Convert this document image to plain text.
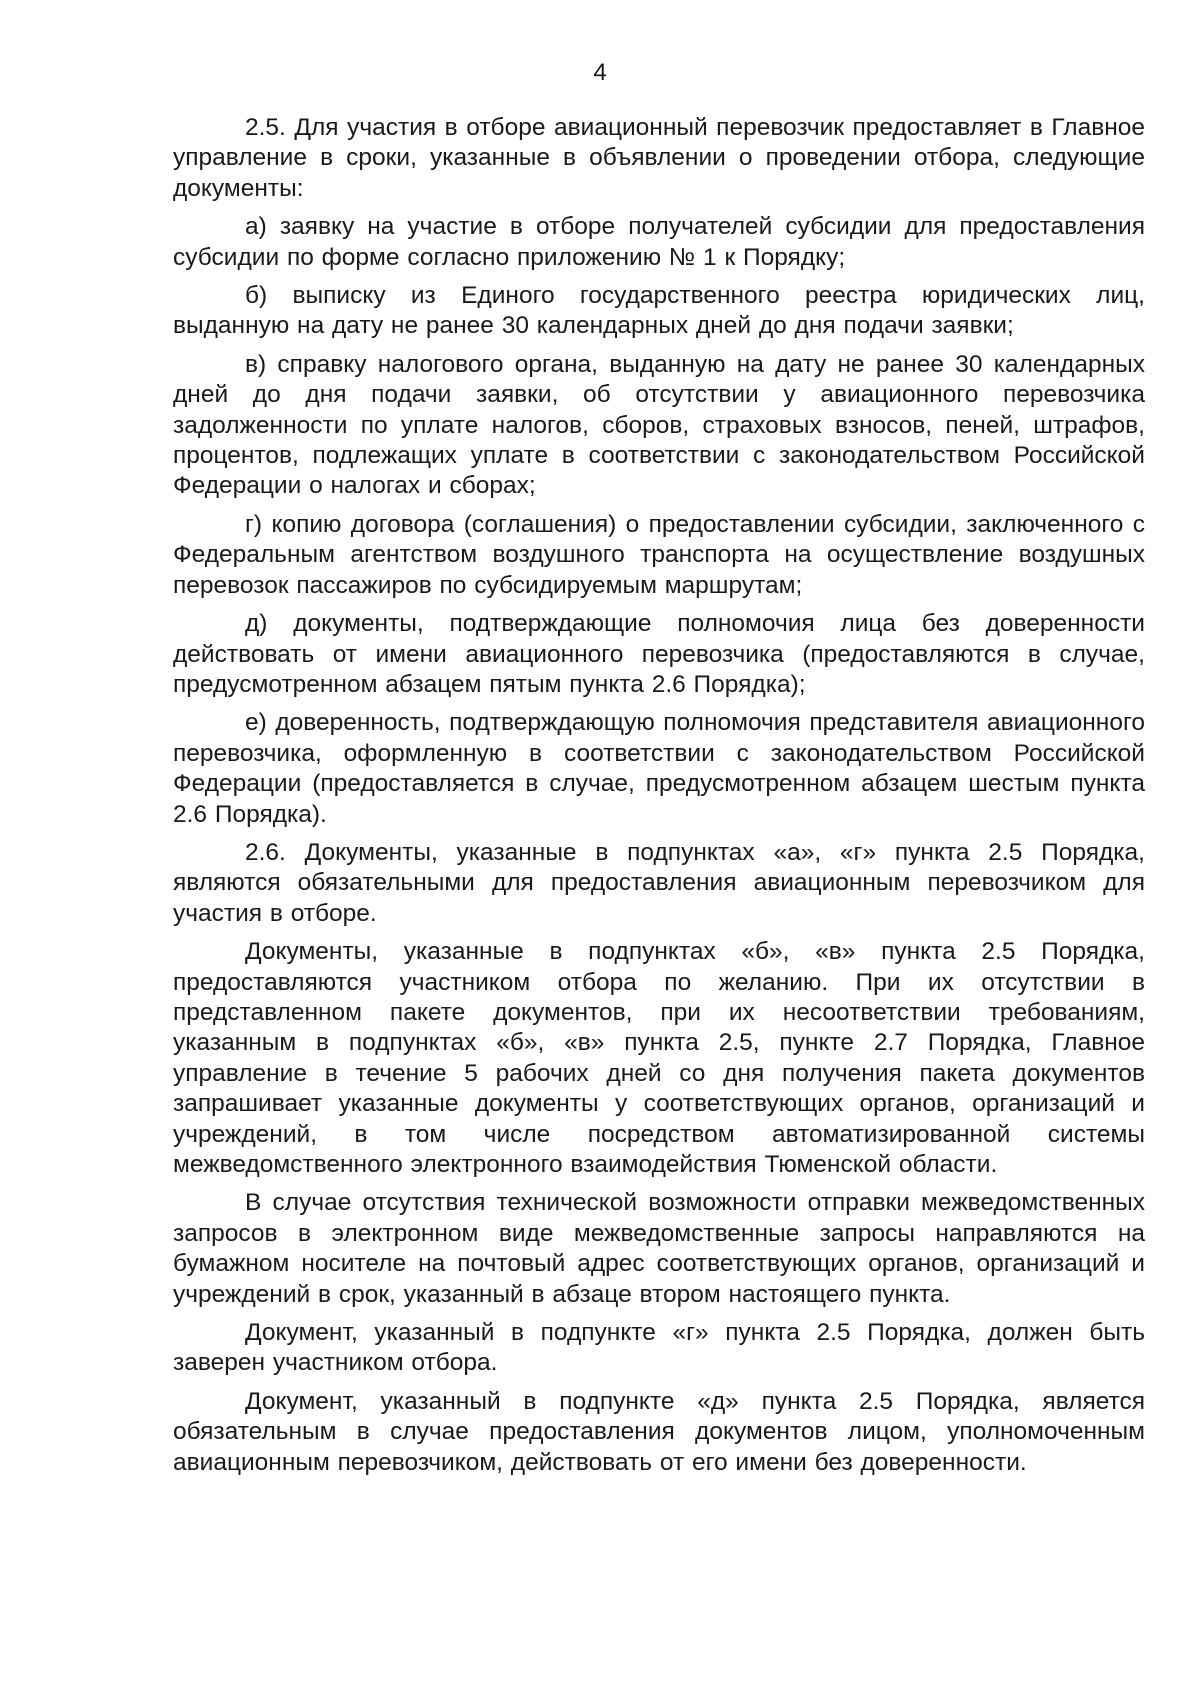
4

2.5. Для участия в отборе авиационный перевозчик предоставляет в Главное управление в сроки, указанные в объявлении о проведении отбора, следующие документы:

а) заявку на участие в отборе получателей субсидии для предоставления субсидии по форме согласно приложению № 1 к Порядку;

б) выписку из Единого государственного реестра юридических лиц, выданную на дату не ранее 30 календарных дней до дня подачи заявки;

в) справку налогового органа, выданную на дату не ранее 30 календарных дней до дня подачи заявки, об отсутствии у авиационного перевозчика задолженности по уплате налогов, сборов, страховых взносов, пеней, штрафов, процентов, подлежащих уплате в соответствии с законодательством Российской Федерации о налогах и сборах;

г) копию договора (соглашения) о предоставлении субсидии, заключенного с Федеральным агентством воздушного транспорта на осуществление воздушных перевозок пассажиров по субсидируемым маршрутам;

д) документы, подтверждающие полномочия лица без доверенности действовать от имени авиационного перевозчика (предоставляются в случае, предусмотренном абзацем пятым пункта 2.6 Порядка);

е) доверенность, подтверждающую полномочия представителя авиационного перевозчика, оформленную в соответствии с законодательством Российской Федерации (предоставляется в случае, предусмотренном абзацем шестым пункта 2.6 Порядка).

2.6. Документы, указанные в подпунктах «а», «г» пункта 2.5 Порядка, являются обязательными для предоставления авиационным перевозчиком для участия в отборе.

Документы, указанные в подпунктах «б», «в» пункта 2.5 Порядка, предоставляются участником отбора по желанию. При их отсутствии в представленном пакете документов, при их несоответствии требованиям, указанным в подпунктах «б», «в» пункта 2.5, пункте 2.7 Порядка, Главное управление в течение 5 рабочих дней со дня получения пакета документов запрашивает указанные документы у соответствующих органов, организаций и учреждений, в том числе посредством автоматизированной системы межведомственного электронного взаимодействия Тюменской области.

В случае отсутствия технической возможности отправки межведомственных запросов в электронном виде межведомственные запросы направляются на бумажном носителе на почтовый адрес соответствующих органов, организаций и учреждений в срок, указанный в абзаце втором настоящего пункта.

Документ, указанный в подпункте «г» пункта 2.5 Порядка, должен быть заверен участником отбора.

Документ, указанный в подпункте «д» пункта 2.5 Порядка, является обязательным в случае предоставления документов лицом, уполномоченным авиационным перевозчиком, действовать от его имени без доверенности.
